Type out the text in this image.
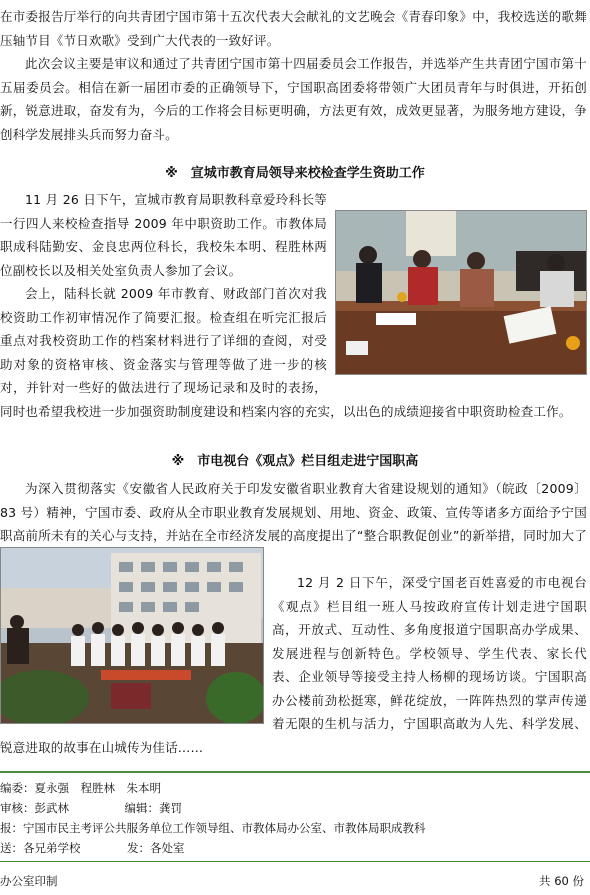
在市委报告厅举行的向共青团宁国市第十五次代表大会献礼的文艺晚会《青春印象》中，我校选送的歌舞压轴节目《节日欢歌》受到广大代表的一致好评。

此次会议主要是审议和通过了共青团宁国市第十四届委员会工作报告，并选举产生共青团宁国市第十五届委员会。相信在新一届团市委的正确领导下，宁国职高团委将带领广大团员青年与时俱进，开拓创新，锐意进取，奋发有为，今后的工作将会目标更明确，方法更有效，成效更显著，为服务地方建设，争创科学发展排头兵而努力奋斗。

※　宣城市教育局领导来校检查学生资助工作

11 月 26 日下午，宣城市教育局职教科章爱玲科长等一行四人来校检查指导 2009 年中职资助工作。市教体局职成科陆勤安、金良忠两位科长，我校朱本明、程胜林两位副校长以及相关处室负责人参加了会议。

会上，陆科长就 2009 年市教育、财政部门首次对我校资助工作初审情况作了简要汇报。检查组在听完汇报后重点对我校资助工作的档案材料进行了详细的查阅，对受助对象的资格审核、资金落实与管理等做了进一步的核对，并针对一些好的做法进行了现场记录和及时的表扬，同时也希望我校进一步加强资助制度建设和档案内容的充实，以出色的成绩迎接省中职资助检查工作。

※　市电视台《观点》栏目组走进宁国职高

为深入贯彻落实《安徽省人民政府关于印发安徽省职业教育大省建设规划的通知》（皖政〔2009〕83 号）精神，宁国市委、政府从全市职业教育发展规划、用地、资金、政策、宣传等诸多方面给予宁国职高前所未有的关心与支持，并站在全市经济发展的高度提出了“整合职教促创业”的新举措，同时加大了

12 月 2 日下午，深受宁国老百姓喜爱的市电视台《观点》栏目组一班人马按政府宣传计划走进宁国职高，开放式、互动性、多角度报道宁国职高办学成果、发展进程与创新特色。学校领导、学生代表、家长代表、企业领导等接受主持人杨柳的现场访谈。宁国职高办公楼前劲松挺寒，鲜花绽放，一阵阵热烈的掌声传递着无限的生机与活力，宁国职高敢为人先、科学发展、锐意进取的故事在山城传为佳话……

编委：夏永强　程胜林　朱本明
审核：彭武林	编辑：龚罚
报：宁国市民主考评公共服务单位工作领导组、市教体局办公室、市教体局职成教科
送：各兄弟学校	发：各处室
办公室印制	共 60 份
